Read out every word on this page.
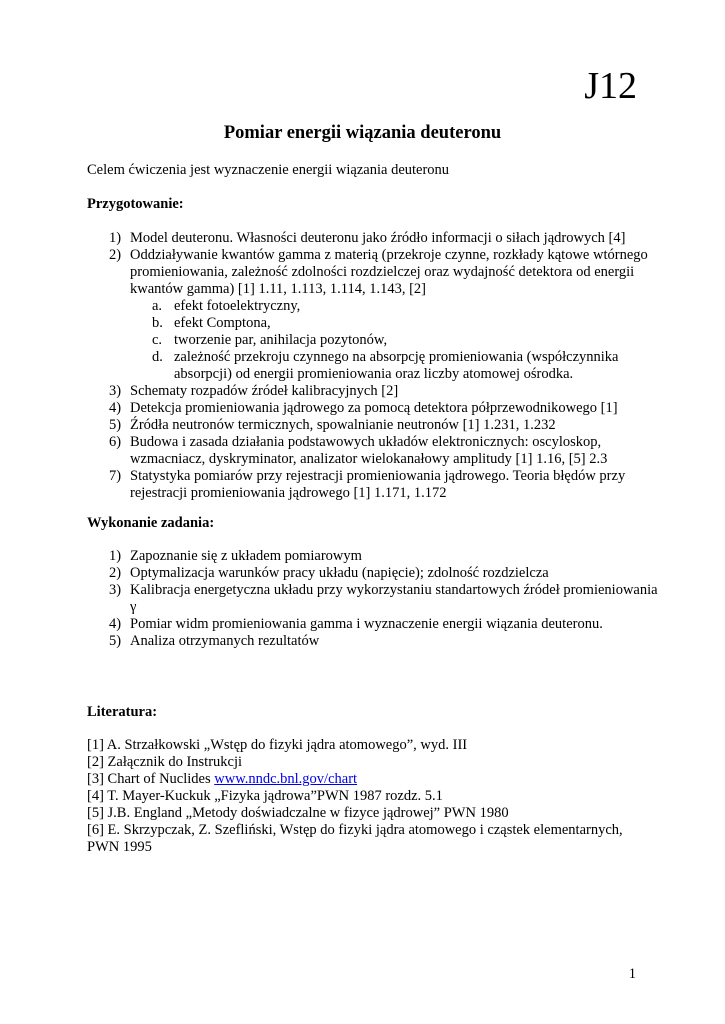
J12
Pomiar energii wiązania deuteronu

Celem ćwiczenia jest wyznaczenie energii wiązania deuteronu

Przygotowanie:
1) Model deuteronu. Własności deuteronu jako źródło informacji o siłach jądrowych [4]
2) Oddziaływanie kwantów gamma z materią (przekroje czynne, rozkłady kątowe wtórnego promieniowania, zależność zdolności rozdzielczej oraz wydajność detektora od energii kwantów gamma) [1] 1.11, 1.113, 1.114, 1.143, [2]
a. efekt fotoelektryczny,
b. efekt Comptona,
c. tworzenie par, anihilacja pozytonów,
d. zależność przekroju czynnego na absorpcję promieniowania (współczynnika absorpcji) od energii promieniowania oraz liczby atomowej ośrodka.
3) Schematy rozpadów źródeł kalibracyjnych [2]
4) Detekcja promieniowania jądrowego za pomocą detektora półprzewodnikowego [1]
5) Źródła neutronów termicznych, spowalnianie neutronów [1] 1.231, 1.232
6) Budowa i zasada działania podstawowych układów elektronicznych: oscyloskop, wzmacniacz, dyskryminator, analizator wielokanałowy amplitudy [1] 1.16, [5] 2.3
7) Statystyka pomiarów przy rejestracji promieniowania jądrowego. Teoria błędów przy rejestracji promieniowania jądrowego [1] 1.171, 1.172
Wykonanie zadania:
1) Zapoznanie się z układem pomiarowym
2) Optymalizacja warunków pracy układu (napięcie); zdolność rozdzielcza
3) Kalibracja energetyczna układu przy wykorzystaniu standartowych źródeł promieniowania γ
4) Pomiar widm promieniowania gamma i wyznaczenie energii wiązania deuteronu.
5) Analiza otrzymanych rezultatów
Literatura:

[1] A. Strzałkowski „Wstęp do fizyki jądra atomowego”, wyd. III

[2] Załącznik do Instrukcji

[3] Chart of Nuclides www.nndc.bnl.gov/chart

[4] T. Mayer-Kuckuk „Fizyka jądrowa”PWN 1987 rozdz. 5.1

[5] J.B. England „Metody doświadczalne w fizyce jądrowej” PWN 1980

[6] E. Skrzypczak, Z. Szefliński, Wstęp do fizyki jądra atomowego i cząstek elementarnych, PWN 1995

1
